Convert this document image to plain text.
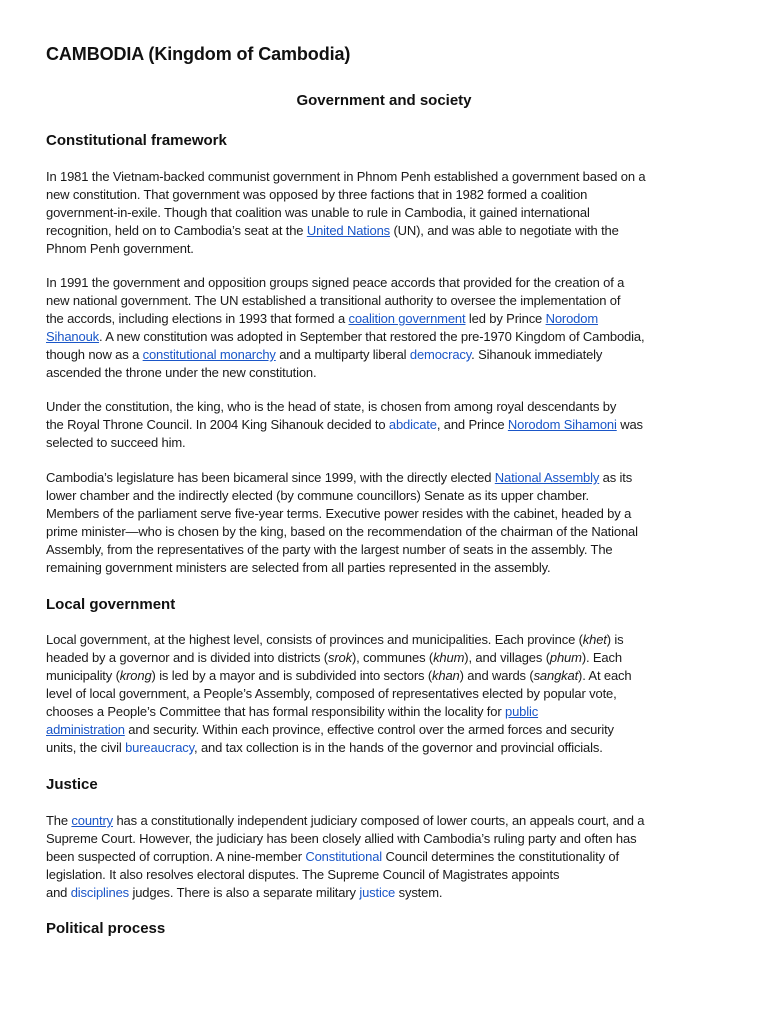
CAMBODIA (Kingdom of Cambodia)
Government and society
Constitutional framework

In 1981 the Vietnam-backed communist government in Phnom Penh established a government based on a
new constitution. That government was opposed by three factions that in 1982 formed a coalition
government-in-exile. Though that coalition was unable to rule in Cambodia, it gained international
recognition, held on to Cambodia’s seat at the United Nations (UN), and was able to negotiate with the
Phnom Penh government.

In 1991 the government and opposition groups signed peace accords that provided for the creation of a
new national government. The UN established a transitional authority to oversee the implementation of
the accords, including elections in 1993 that formed a coalition government led by Prince Norodom
Sihanouk. A new constitution was adopted in September that restored the pre-1970 Kingdom of Cambodia,
though now as a constitutional monarchy and a multiparty liberal democracy. Sihanouk immediately
ascended the throne under the new constitution.

Under the constitution, the king, who is the head of state, is chosen from among royal descendants by
the Royal Throne Council. In 2004 King Sihanouk decided to abdicate, and Prince Norodom Sihamoni was
selected to succeed him.

Cambodia’s legislature has been bicameral since 1999, with the directly elected National Assembly as its
lower chamber and the indirectly elected (by commune councillors) Senate as its upper chamber.
Members of the parliament serve five-year terms. Executive power resides with the cabinet, headed by a
prime minister—who is chosen by the king, based on the recommendation of the chairman of the National
Assembly, from the representatives of the party with the largest number of seats in the assembly. The
remaining government ministers are selected from all parties represented in the assembly.

Local government

Local government, at the highest level, consists of provinces and municipalities. Each province (khet) is
headed by a governor and is divided into districts (srok), communes (khum), and villages (phum). Each
municipality (krong) is led by a mayor and is subdivided into sectors (khan) and wards (sangkat). At each
level of local government, a People’s Assembly, composed of representatives elected by popular vote,
chooses a People’s Committee that has formal responsibility within the locality for public
administration and security. Within each province, effective control over the armed forces and security
units, the civil bureaucracy, and tax collection is in the hands of the governor and provincial officials.

Justice

The country has a constitutionally independent judiciary composed of lower courts, an appeals court, and a
Supreme Court. However, the judiciary has been closely allied with Cambodia’s ruling party and often has
been suspected of corruption. A nine-member Constitutional Council determines the constitutionality of
legislation. It also resolves electoral disputes. The Supreme Council of Magistrates appoints
and disciplines judges. There is also a separate military justice system.

Political process
